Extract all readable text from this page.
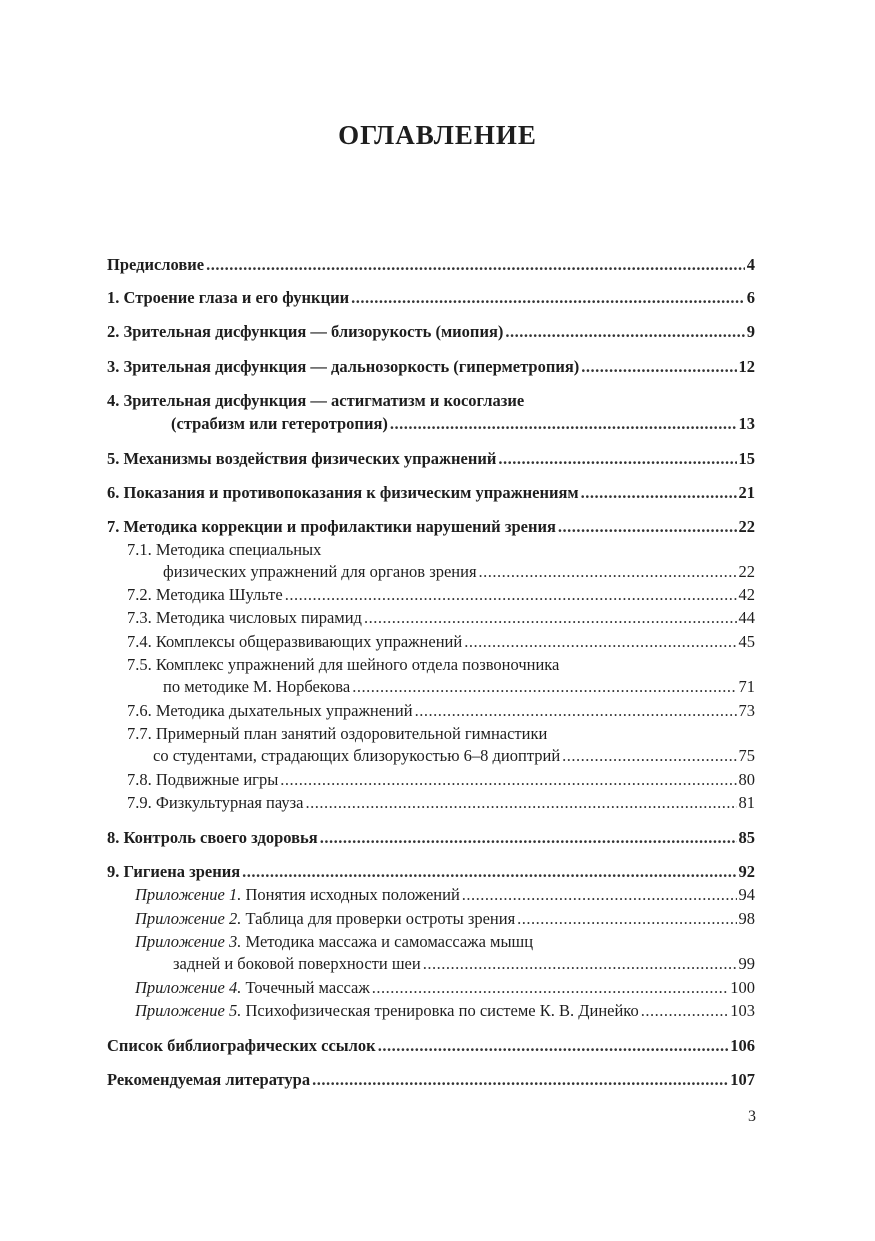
ОГЛАВЛЕНИЕ
Предисловие .....	4
1. Строение глаза и его функции .....	6
2. Зрительная дисфункция — близорукость (миопия) .....	9
3. Зрительная дисфункция — дальнозоркость (гиперметропия) .....	12
4. Зрительная дисфункция — астигматизм и косоглазие
(страбизм или гетеротропия) .....	13
5. Механизмы воздействия физических упражнений .....	15
6. Показания и противопоказания к физическим упражнениям .....	21
7. Методика коррекции и профилактики нарушений зрения .....	22
7.1. Методика специальных
физических упражнений для органов зрения .....	22
7.2. Методика Шульте .....	42
7.3. Методика числовых пирамид .....	44
7.4. Комплексы общеразвивающих упражнений .....	45
7.5. Комплекс упражнений для шейного отдела позвоночника
по методике М. Норбекова .....	71
7.6. Методика дыхательных упражнений .....	73
7.7. Примерный план занятий оздоровительной гимнастики
со студентами, страдающих близорукостью 6–8 диоптрий .....	75
7.8. Подвижные игры .....	80
7.9. Физкультурная пауза .....	81
8. Контроль своего здоровья .....	85
9. Гигиена зрения .....	92
Приложение 1. Понятия исходных положений .....	94
Приложение 2. Таблица для проверки остроты зрения .....	98
Приложение 3. Методика массажа и самомассажа мышц
задней и боковой поверхности шеи .....	99
Приложение 4. Точечный массаж .....	100
Приложение 5. Психофизическая тренировка по системе К. В. Динейко .....	103
Список библиографических ссылок .....	106
Рекомендуемая литература .....	107
3
